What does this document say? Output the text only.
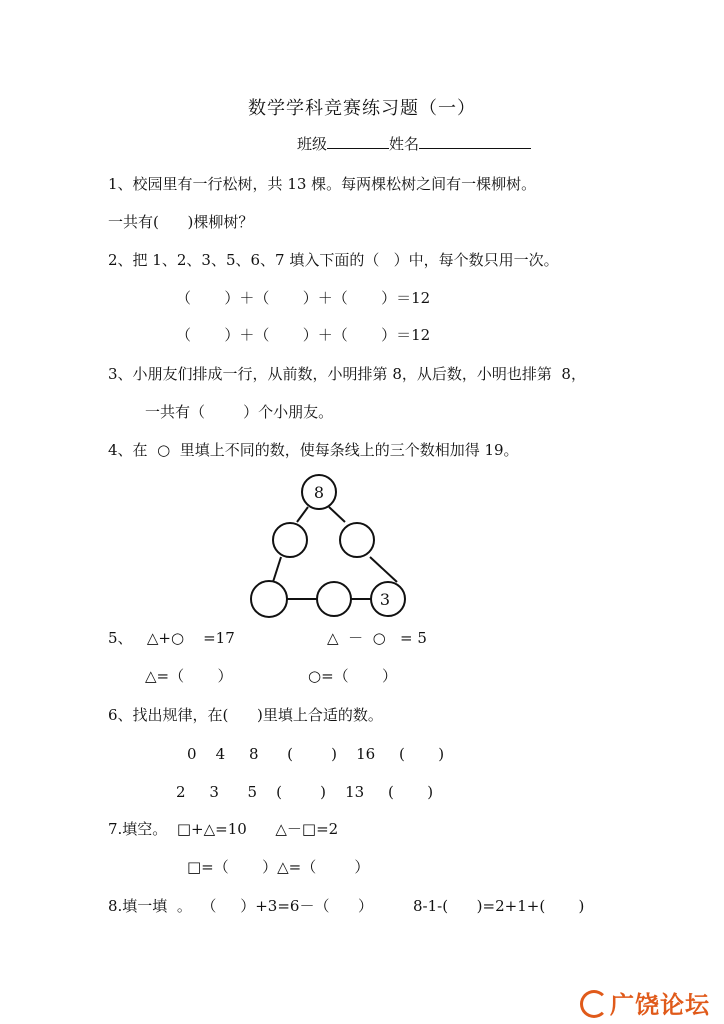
数学学科竞赛练习题（一）
班级	姓名
1、校园里有一行松树，共 13 棵。每两棵松树之间有一棵柳树。
一共有(      )棵柳树？
2、把 1、2、3、5、6、7 填入下面的（   ）中，每个数只用一次。
（       ）＋（       ）＋（       ）＝12
（       ）＋（       ）＋（       ）＝12
3、小朋友们排成一行，从前数，小明排第 8，从后数，小明也排第  8，
一共有（        ）个小朋友。
4、在  ○  里填上不同的数，使每条线上的三个数相加得 19。
8
3
5、   △+○    =17	△  －  ○   = 5
△=（       ）	○=（       ）
6、找出规律，在(      )里填上合适的数。
0    4     8      (        )    16     (       )
2     3      5    (        )    13     (       )
7.填空。  □+△=10      △－□=2
□=（       ）△=（        ）
8.填一填  。  （     ）+3=6－（      ）	8-1-(      )=2+1+(       )
广饶论坛
